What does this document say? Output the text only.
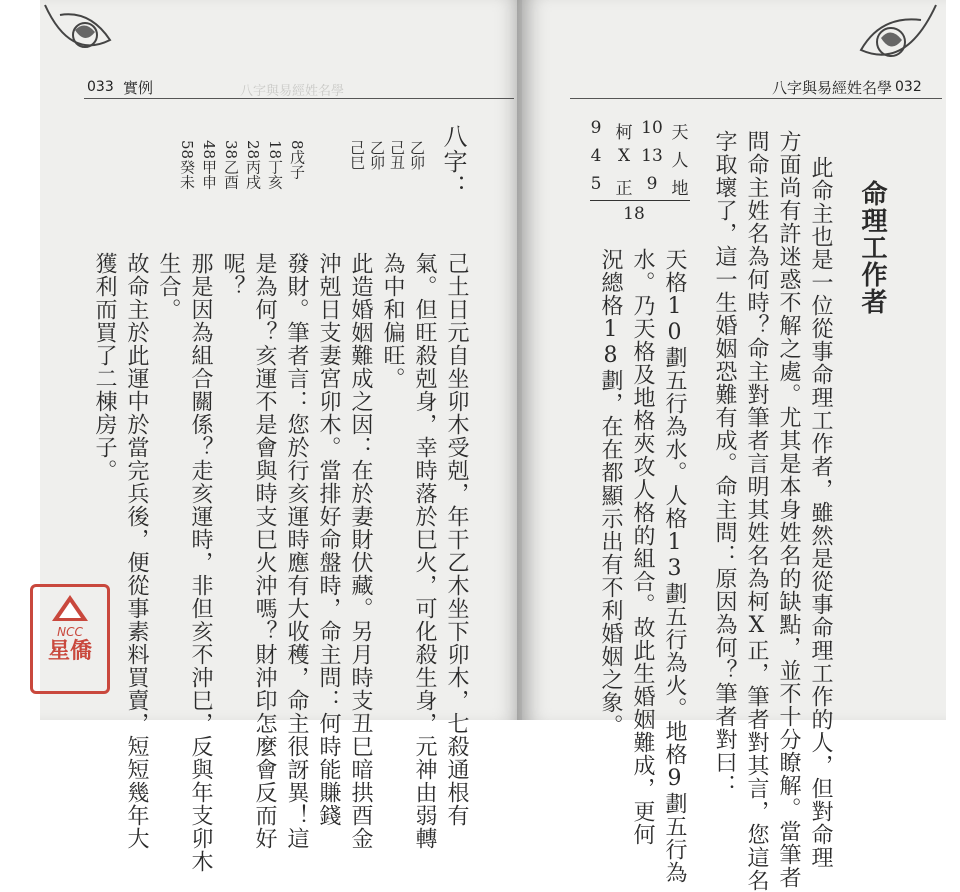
033 實例	八字與易經姓名學
八字：
乙卯
己丑
乙卯
己巳
8戊子
18丁亥
28丙戌
38乙酉
48甲申
58癸未
己土日元自坐卯木受剋，年干乙木坐下卯木，七殺通根有
氣。但旺殺剋身，幸時落於巳火，可化殺生身，元神由弱轉
為中和偏旺。
此造婚姻難成之因：在於妻財伏藏。另月時支丑巳暗拱酉金
沖剋日支妻宮卯木。當排好命盤時，命主問：何時能賺錢
發財。筆者言：您於行亥運時應有大收穫，命主很訝異！這
是為何？亥運不是會與時支巳火沖嗎？財沖印怎麼會反而好
呢？
那是因為組合關係？走亥運時，非但亥不沖巳，反與年支卯木
生合。
故命主於此運中於當完兵後，便從事素料買賣，短短幾年大
獲利而買了二棟房子。
八字與易經姓名學 032
命理工作者
9
4
5
柯
X
正
10
13
9
天
人
地
18	此命主也是一位從事命理工作者，雖然是從事命理工作的人，但對命理
方面尚有許迷惑不解之處。尤其是本身姓名的缺點，並不十分瞭解。當筆者
問命主姓名為何時？命主對筆者言明其姓名為柯X正，筆者對其言，您這名
字取壞了，這一生婚姻恐難有成。命主問：原因為何？筆者對曰：
天格10劃五行為水。人格13劃五行為火。地格9劃五行為
水。乃天格及地格夾攻人格的組合。故此生婚姻難成，更何
況總格18劃，在在都顯示出有不利婚姻之象。
NCC
星僑
